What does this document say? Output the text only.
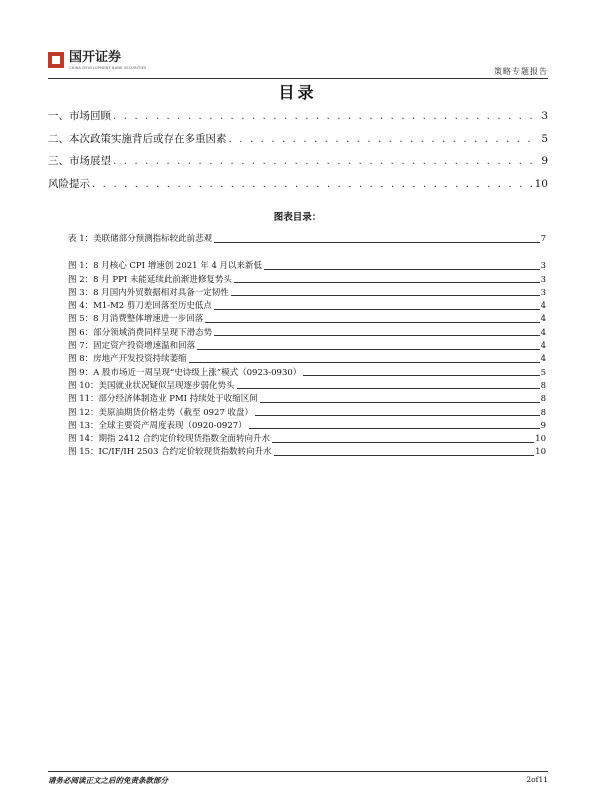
国开证券
CHINA DEVELOPMENT BANK SECURITIES	策略专题报告
目录
一、市场回顾 . . .	3
二、本次政策实施背后或存在多重因素 . . .	5
三、市场展望 . . .	9
风险提示 . . .	10
图表目录：
表 1：美联储部分预测指标较此前悲观	7
图 1：8 月核心 CPI 增速创 2021 年 4 月以来新低	3
图 2：8 月 PPI 未能延续此前渐进修复势头	3
图 3：8 月国内外贸数据相对具备一定韧性	3
图 4：M1-M2 剪刀差回落至历史低点	4
图 5：8 月消费整体增速进一步回落	4
图 6：部分领域消费同样呈现下滑态势	4
图 7：固定资产投资增速温和回落	4
图 8：房地产开发投资持续萎缩	4
图 9：A 股市场近一周呈现“史诗级上涨”模式（0923-0930）	5
图 10：美国就业状况疑似呈现逐步弱化势头	8
图 11：部分经济体制造业 PMI 持续处于收缩区间	8
图 12：美原油期货价格走势（截至 0927 收盘）	8
图 13：全球主要资产周度表现（0920-0927）	9
图 14：期指 2412 合约定价较现货指数全面转向升水	10
图 15：IC/IF/IH 2503 合约定价较现货指数转向升水	10
请务必阅读正文之后的免责条款部分	2of11
